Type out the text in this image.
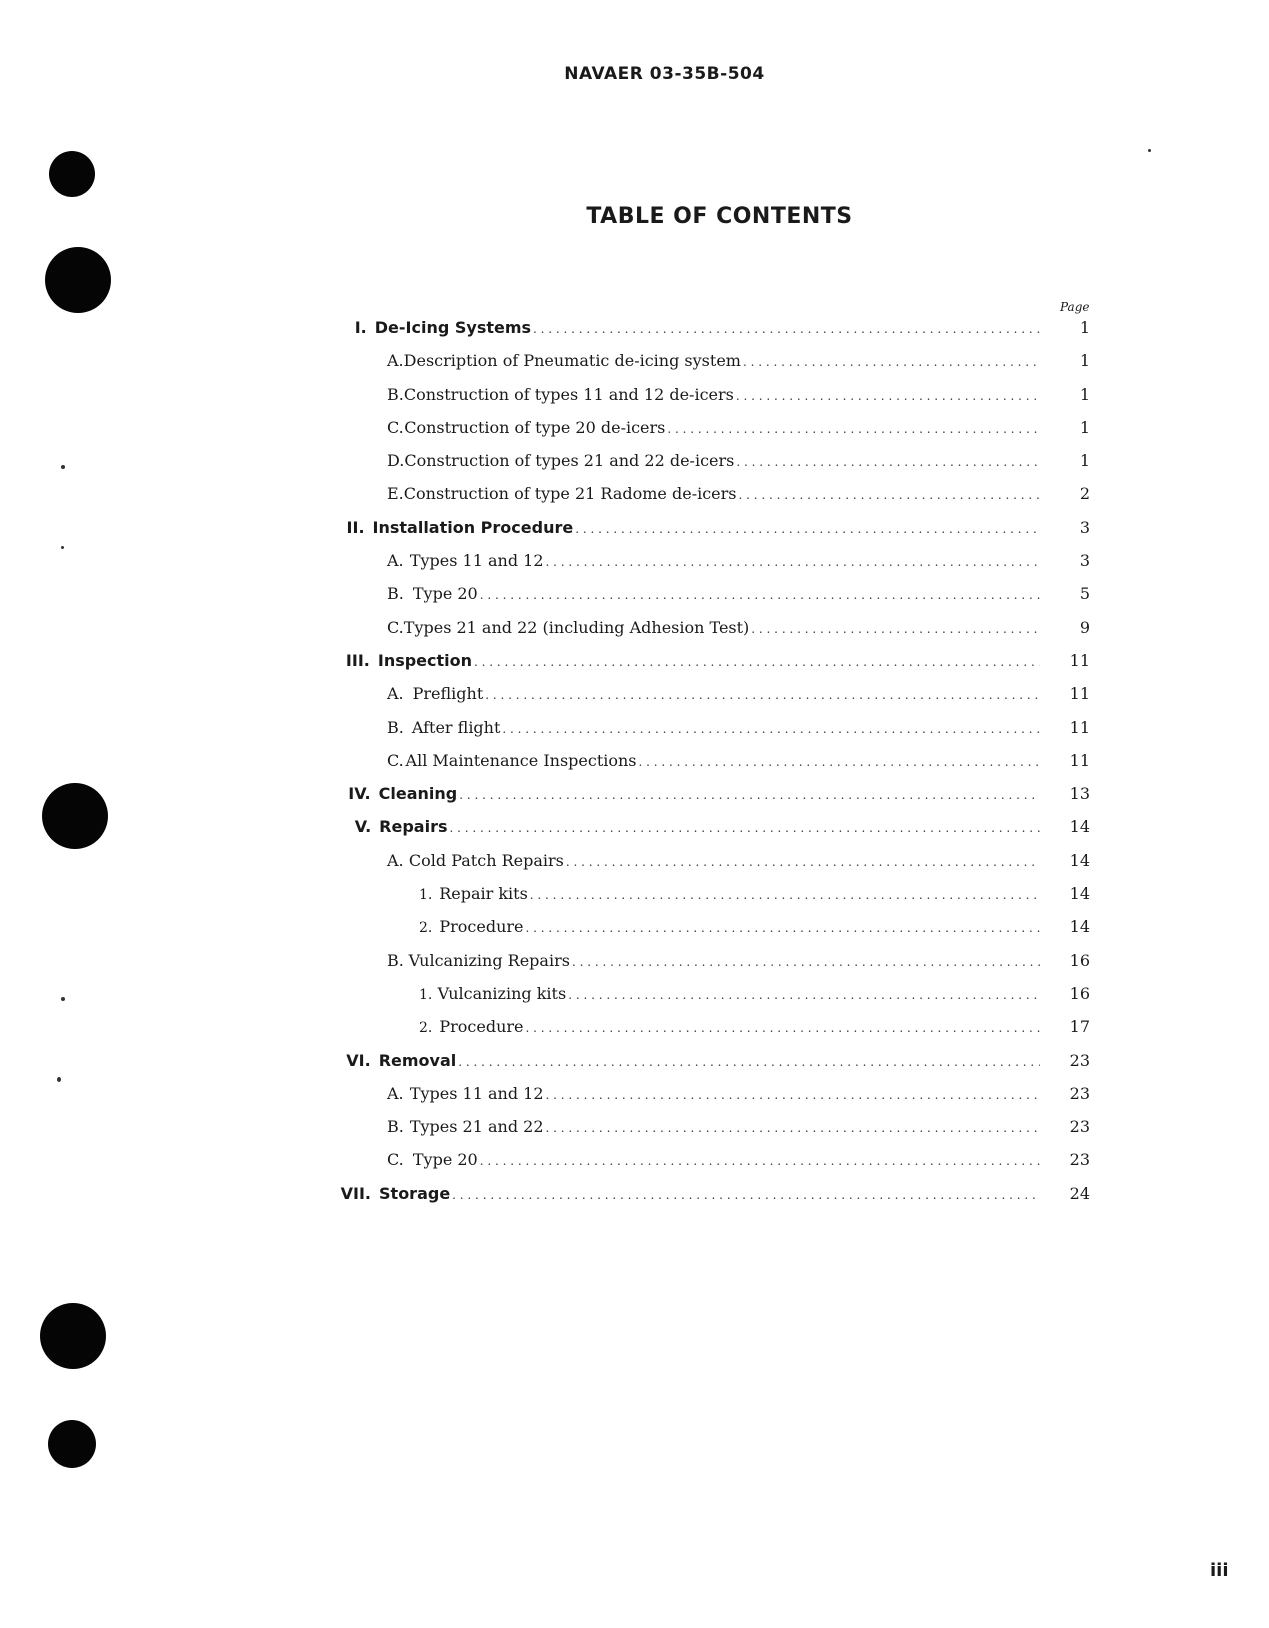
NAVAER 03-35B-504
TABLE OF CONTENTS
Page
I. De-Icing Systems . . .	1
A. Description of Pneumatic de-icing system . . .	1
B. Construction of types 11 and 12 de-icers . . .	1
C. Construction of type 20 de-icers . . .	1
D. Construction of types 21 and 22 de-icers . . .	1
E. Construction of type 21 Radome de-icers . . .	2
II. Installation Procedure . . .	3
A. Types 11 and 12 . . .	3
B. Type 20 . . .	5
C. Types 21 and 22 (including Adhesion Test) . . .	9
III. Inspection . . .	11
A. Preflight . . .	11
B. After flight . . .	11
C. All Maintenance Inspections . . .	11
IV. Cleaning . . .	13
V. Repairs . . .	14
A. Cold Patch Repairs . . .	14
1. Repair kits . . .	14
2. Procedure . . .	14
B. Vulcanizing Repairs . . .	16
1. Vulcanizing kits . . .	16
2. Procedure . . .	17
VI. Removal . . .	23
A. Types 11 and 12 . . .	23
B. Types 21 and 22 . . .	23
C. Type 20 . . .	23
VII. Storage . . .	24
iii
